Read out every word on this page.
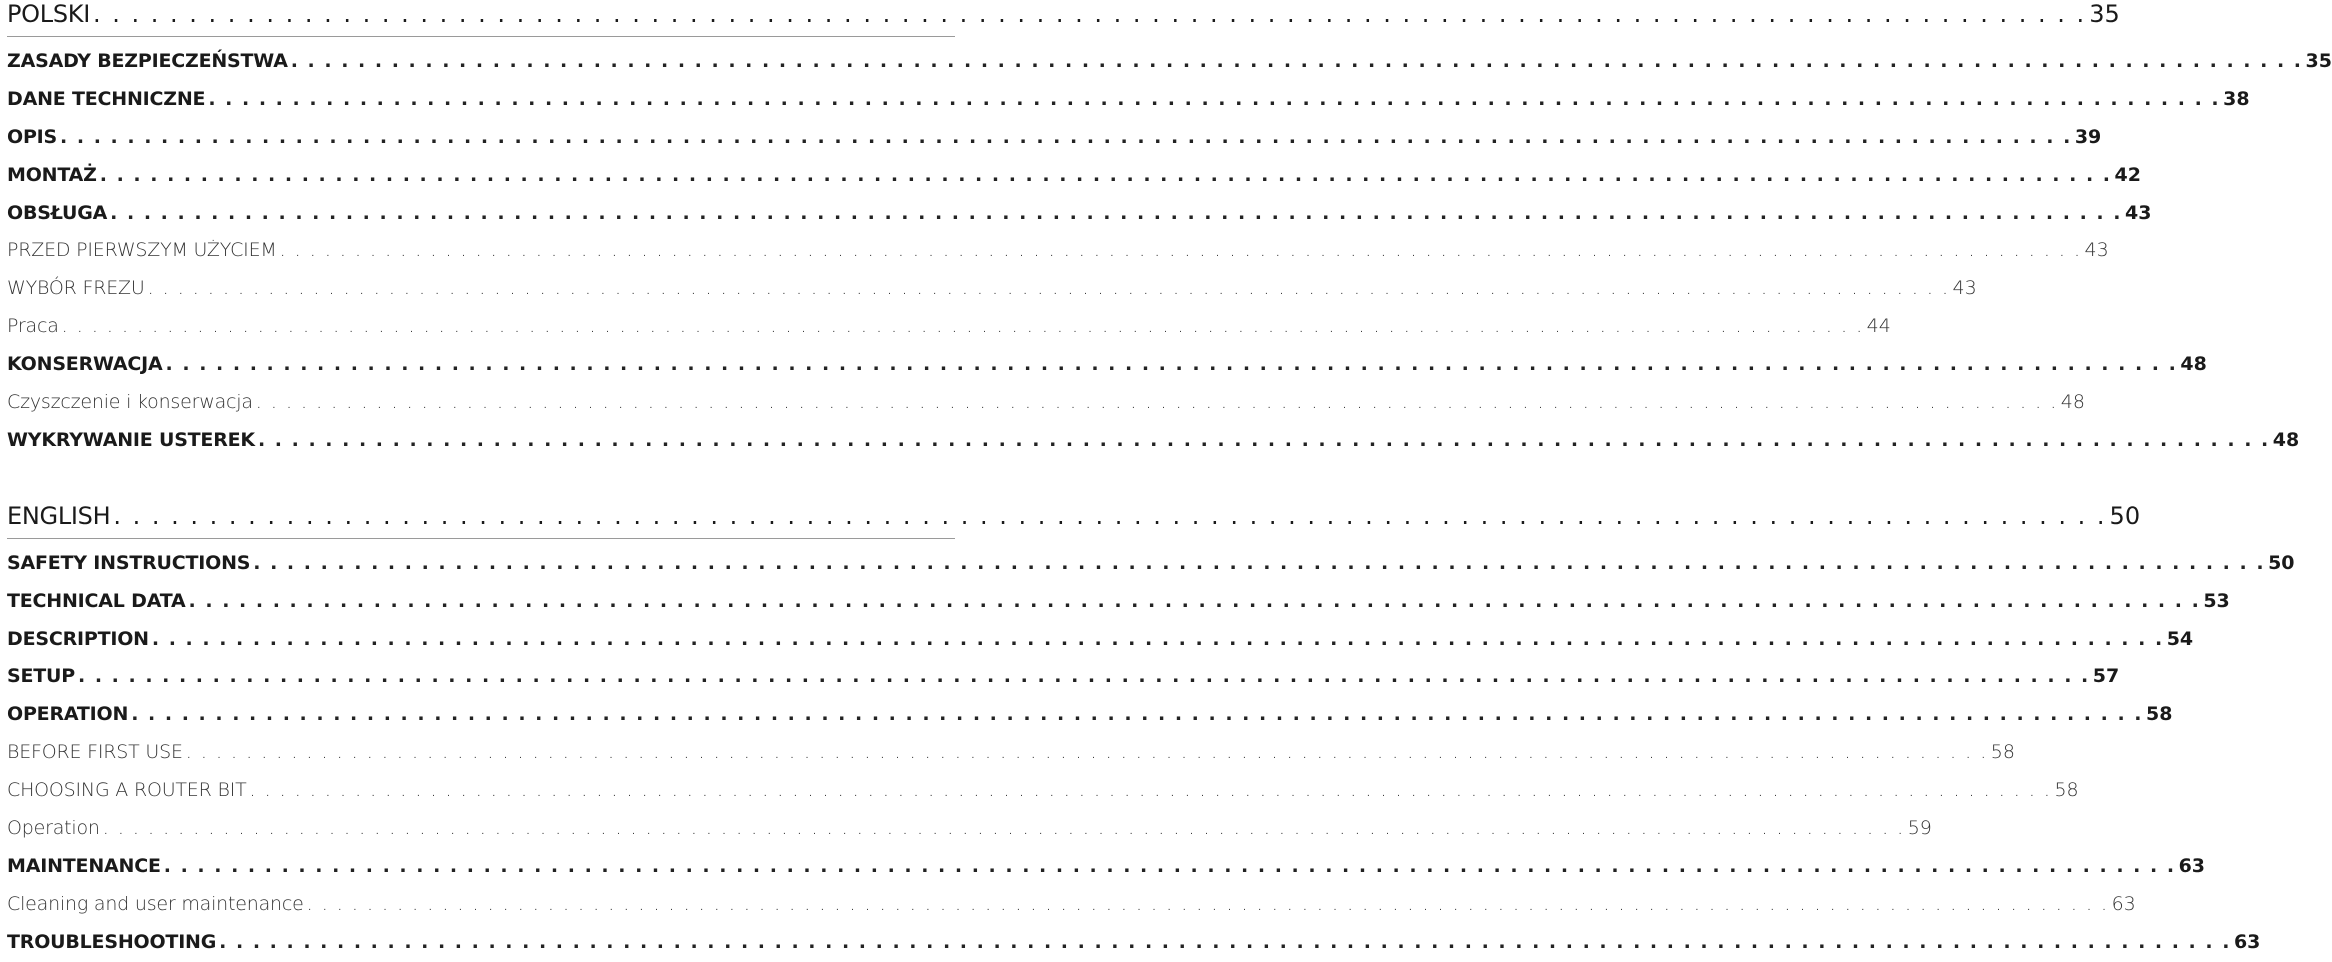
POLSKI . . . . . . . . . . . . . . . . . . . . . . . . . . . . . . . . . . . . . . . . . . . . . . . . . . . . . . . . . . . . . . . . . . . . . . . . . . . . . . . . . . . . . . . . . . . . . . . . . . . . . . . . 35
ZASADY BEZPIECZEŃSTWA . . . . . . . . . . . . . . . . . . . . . . . . . . . . . . . . . . . . . . . . . . . . . . . . . . . . . . . . . . . . . . . . . . . . . . . . . . . . . . . . . . . . . . . . . . . . . . . . . . . . . . . . . . . . . . . . . . . . . . . . 35
DANE TECHNICZNE . . . . . . . . . . . . . . . . . . . . . . . . . . . . . . . . . . . . . . . . . . . . . . . . . . . . . . . . . . . . . . . . . . . . . . . . . . . . . . . . . . . . . . . . . . . . . . . . . . . . . . . . . . . . . . . . . . . . . . . . 38
OPIS . . . . . . . . . . . . . . . . . . . . . . . . . . . . . . . . . . . . . . . . . . . . . . . . . . . . . . . . . . . . . . . . . . . . . . . . . . . . . . . . . . . . . . . . . . . . . . . . . . . . . . . . . . . . . . . . . . . . . . . . 39
MONTAŻ . . . . . . . . . . . . . . . . . . . . . . . . . . . . . . . . . . . . . . . . . . . . . . . . . . . . . . . . . . . . . . . . . . . . . . . . . . . . . . . . . . . . . . . . . . . . . . . . . . . . . . . . . . . . . . . . . . . . . . . . 42
OBSŁUGA . . . . . . . . . . . . . . . . . . . . . . . . . . . . . . . . . . . . . . . . . . . . . . . . . . . . . . . . . . . . . . . . . . . . . . . . . . . . . . . . . . . . . . . . . . . . . . . . . . . . . . . . . . . . . . . . . . . . . . . . 43
PRZED PIERWSZYM UŻYCIEM . . . . . . . . . . . . . . . . . . . . . . . . . . . . . . . . . . . . . . . . . . . . . . . . . . . . . . . . . . . . . . . . . . . . . . . . . . . . . . . . . . . . . . . . . . . . . . . . . . . . . . . . . . . . . . . . . . . . . . . . 43
WYBÓR FREZU . . . . . . . . . . . . . . . . . . . . . . . . . . . . . . . . . . . . . . . . . . . . . . . . . . . . . . . . . . . . . . . . . . . . . . . . . . . . . . . . . . . . . . . . . . . . . . . . . . . . . . . . . . . . . . . . . . . . . . . . 43
Praca . . . . . . . . . . . . . . . . . . . . . . . . . . . . . . . . . . . . . . . . . . . . . . . . . . . . . . . . . . . . . . . . . . . . . . . . . . . . . . . . . . . . . . . . . . . . . . . . . . . . . . . . . . . . . . . . . . . . . . . . 44
KONSERWACJA . . . . . . . . . . . . . . . . . . . . . . . . . . . . . . . . . . . . . . . . . . . . . . . . . . . . . . . . . . . . . . . . . . . . . . . . . . . . . . . . . . . . . . . . . . . . . . . . . . . . . . . . . . . . . . . . . . . . . . . . 48
Czyszczenie i konserwacja . . . . . . . . . . . . . . . . . . . . . . . . . . . . . . . . . . . . . . . . . . . . . . . . . . . . . . . . . . . . . . . . . . . . . . . . . . . . . . . . . . . . . . . . . . . . . . . . . . . . . . . . . . . . . . . . . . . . . . . . 48
WYKRYWANIE USTEREK . . . . . . . . . . . . . . . . . . . . . . . . . . . . . . . . . . . . . . . . . . . . . . . . . . . . . . . . . . . . . . . . . . . . . . . . . . . . . . . . . . . . . . . . . . . . . . . . . . . . . . . . . . . . . . . . . . . . . . . . 48
ENGLISH . . . . . . . . . . . . . . . . . . . . . . . . . . . . . . . . . . . . . . . . . . . . . . . . . . . . . . . . . . . . . . . . . . . . . . . . . . . . . . . . . . . . . . . . . . . . . . . . . . . . . . . . 50
SAFETY INSTRUCTIONS . . . . . . . . . . . . . . . . . . . . . . . . . . . . . . . . . . . . . . . . . . . . . . . . . . . . . . . . . . . . . . . . . . . . . . . . . . . . . . . . . . . . . . . . . . . . . . . . . . . . . . . . . . . . . . . . . . . . . . . . 50
TECHNICAL DATA . . . . . . . . . . . . . . . . . . . . . . . . . . . . . . . . . . . . . . . . . . . . . . . . . . . . . . . . . . . . . . . . . . . . . . . . . . . . . . . . . . . . . . . . . . . . . . . . . . . . . . . . . . . . . . . . . . . . . . . . 53
DESCRIPTION . . . . . . . . . . . . . . . . . . . . . . . . . . . . . . . . . . . . . . . . . . . . . . . . . . . . . . . . . . . . . . . . . . . . . . . . . . . . . . . . . . . . . . . . . . . . . . . . . . . . . . . . . . . . . . . . . . . . . . . . 54
SETUP . . . . . . . . . . . . . . . . . . . . . . . . . . . . . . . . . . . . . . . . . . . . . . . . . . . . . . . . . . . . . . . . . . . . . . . . . . . . . . . . . . . . . . . . . . . . . . . . . . . . . . . . . . . . . . . . . . . . . . . . 57
OPERATION . . . . . . . . . . . . . . . . . . . . . . . . . . . . . . . . . . . . . . . . . . . . . . . . . . . . . . . . . . . . . . . . . . . . . . . . . . . . . . . . . . . . . . . . . . . . . . . . . . . . . . . . . . . . . . . . . . . . . . . . 58
BEFORE FIRST USE . . . . . . . . . . . . . . . . . . . . . . . . . . . . . . . . . . . . . . . . . . . . . . . . . . . . . . . . . . . . . . . . . . . . . . . . . . . . . . . . . . . . . . . . . . . . . . . . . . . . . . . . . . . . . . . . . . . . . . . . 58
CHOOSING A ROUTER BIT . . . . . . . . . . . . . . . . . . . . . . . . . . . . . . . . . . . . . . . . . . . . . . . . . . . . . . . . . . . . . . . . . . . . . . . . . . . . . . . . . . . . . . . . . . . . . . . . . . . . . . . . . . . . . . . . . . . . . . . . 58
Operation . . . . . . . . . . . . . . . . . . . . . . . . . . . . . . . . . . . . . . . . . . . . . . . . . . . . . . . . . . . . . . . . . . . . . . . . . . . . . . . . . . . . . . . . . . . . . . . . . . . . . . . . . . . . . . . . . . . . . . . . 59
MAINTENANCE . . . . . . . . . . . . . . . . . . . . . . . . . . . . . . . . . . . . . . . . . . . . . . . . . . . . . . . . . . . . . . . . . . . . . . . . . . . . . . . . . . . . . . . . . . . . . . . . . . . . . . . . . . . . . . . . . . . . . . . . 63
Cleaning and user maintenance . . . . . . . . . . . . . . . . . . . . . . . . . . . . . . . . . . . . . . . . . . . . . . . . . . . . . . . . . . . . . . . . . . . . . . . . . . . . . . . . . . . . . . . . . . . . . . . . . . . . . . . . . . . . . . . . . . . . . . . . 63
TROUBLESHOOTING . . . . . . . . . . . . . . . . . . . . . . . . . . . . . . . . . . . . . . . . . . . . . . . . . . . . . . . . . . . . . . . . . . . . . . . . . . . . . . . . . . . . . . . . . . . . . . . . . . . . . . . . . . . . . . . . . . . . . . . . 63
